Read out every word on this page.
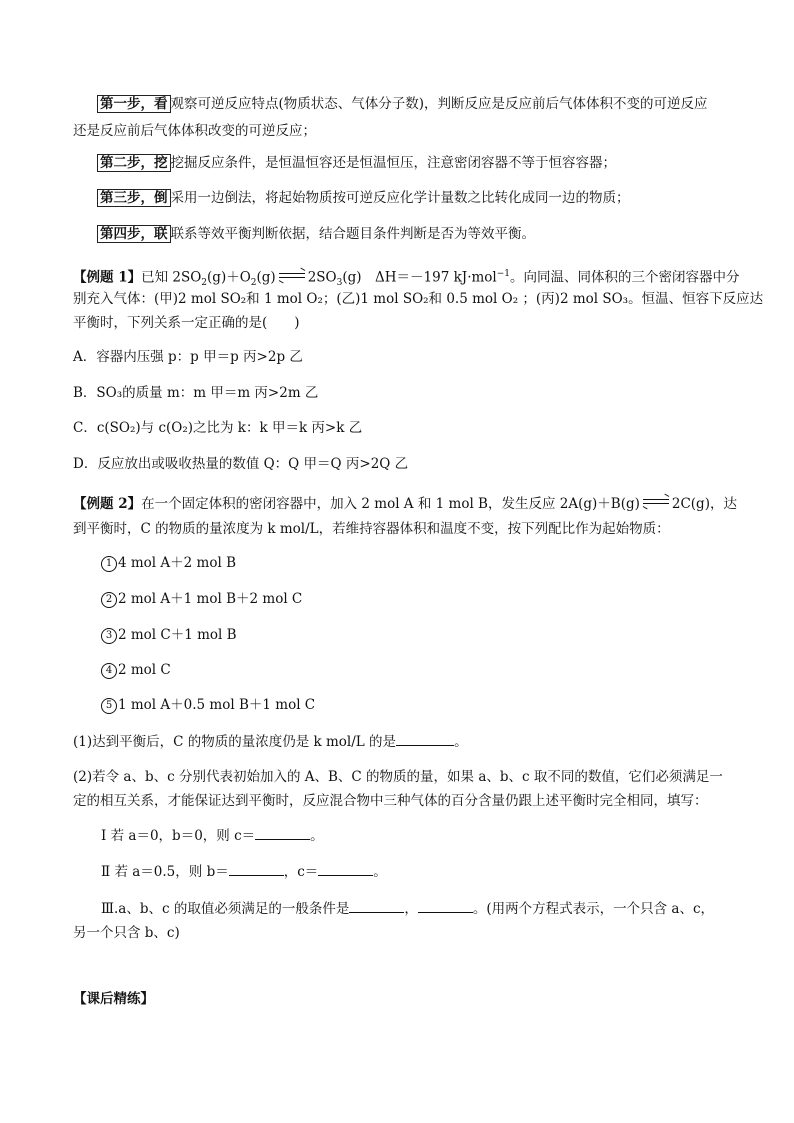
第一步，看 观察可逆反应特点(物质状态、气体分子数)，判断反应是反应前后气体体积不变的可逆反应
还是反应前后气体体积改变的可逆反应；
第二步，挖 挖掘反应条件，是恒温恒容还是恒温恒压，注意密闭容器不等于恒容容器；
第三步，倒 采用一边倒法，将起始物质按可逆反应化学计量数之比转化成同一边的物质；
第四步，联 联系等效平衡判断依据，结合题目条件判断是否为等效平衡。
【例题 1】已知 $2SO_2(g)+O_2(g)$ $2SO_3(g)$　ΔH＝－197 kJ·mol$^{-1}$。向同温、同体积的三个密闭容器中分
别充入气体：(甲)2 mol SO₂和 1 mol O₂；(乙)1 mol SO₂和 0.5 mol O₂ ；(丙)2 mol SO₃。恒温、恒容下反应达
平衡时，下列关系一定正确的是(　　)
A．容器内压强 p：p 甲＝p 丙>2p 乙
B．SO₃的质量 m：m 甲＝m 丙>2m 乙
C．c(SO₂)与 c(O₂)之比为 k：k 甲＝k 丙>k 乙
D．反应放出或吸收热量的数值 Q：Q 甲＝Q 丙>2Q 乙
【例题 2】在一个固定体积的密闭容器中，加入 2 mol A 和 1 mol B，发生反应 2A(g)＋B(g) 2C(g)，达
到平衡时，C 的物质的量浓度为 k mol/L，若维持容器体积和温度不变，按下列配比作为起始物质：
1 4 mol A＋2 mol B
2 2 mol A＋1 mol B＋2 mol C
3 2 mol C＋1 mol B
4 2 mol C
5 1 mol A＋0.5 mol B＋1 mol C
(1)达到平衡后，C 的物质的量浓度仍是 k mol/L 的是	。
(2)若令 a、b、c 分别代表初始加入的 A、B、C 的物质的量，如果 a、b、c 取不同的数值，它们必须满足一
定的相互关系，才能保证达到平衡时，反应混合物中三种气体的百分含量仍跟上述平衡时完全相同，填写：
Ⅰ 若 a＝0，b＝0，则 c＝	。
Ⅱ 若 a＝0.5，则 b＝	，c＝	。
Ⅲ.a、b、c 的取值必须满足的一般条件是	，	。(用两个方程式表示，一个只含 a、c，
另一个只含 b、c)
【课后精练】
